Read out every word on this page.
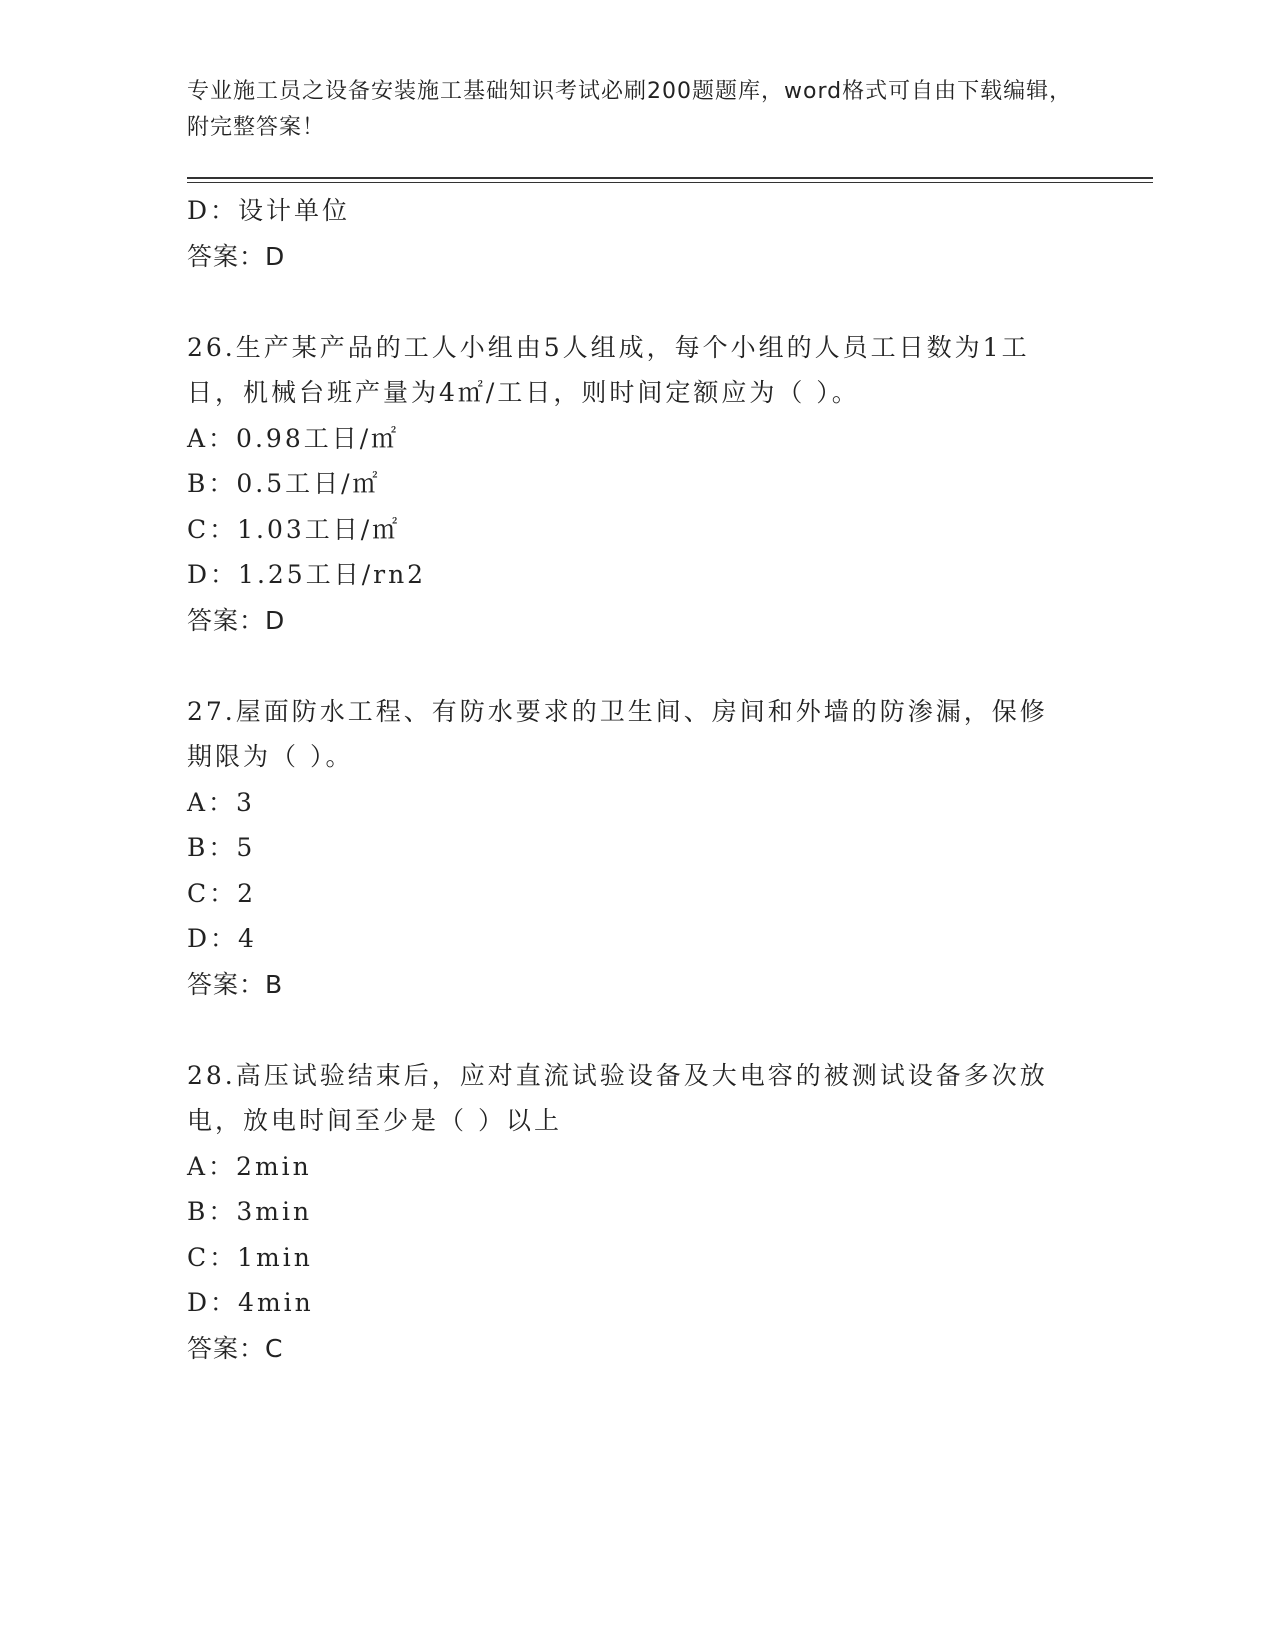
专业施工员之设备安装施工基础知识考试必刷200题题库，word格式可自由下载编辑，附完整答案！
D：设计单位
答案：D
26.生产某产品的工人小组由5人组成，每个小组的人员工日数为1工
日，机械台班产量为4㎡/工日，则时间定额应为（ ）。
A：0.98工日/㎡
B：0.5工日/㎡
C：1.03工日/㎡
D：1.25工日/rn2
答案：D
27.屋面防水工程、有防水要求的卫生间、房间和外墙的防渗漏，保修
期限为（ ）。
A：3
B：5
C：2
D：4
答案：B
28.高压试验结束后，应对直流试验设备及大电容的被测试设备多次放
电，放电时间至少是（ ）以上
A：2min
B：3min
C：1min
D：4min
答案：C
